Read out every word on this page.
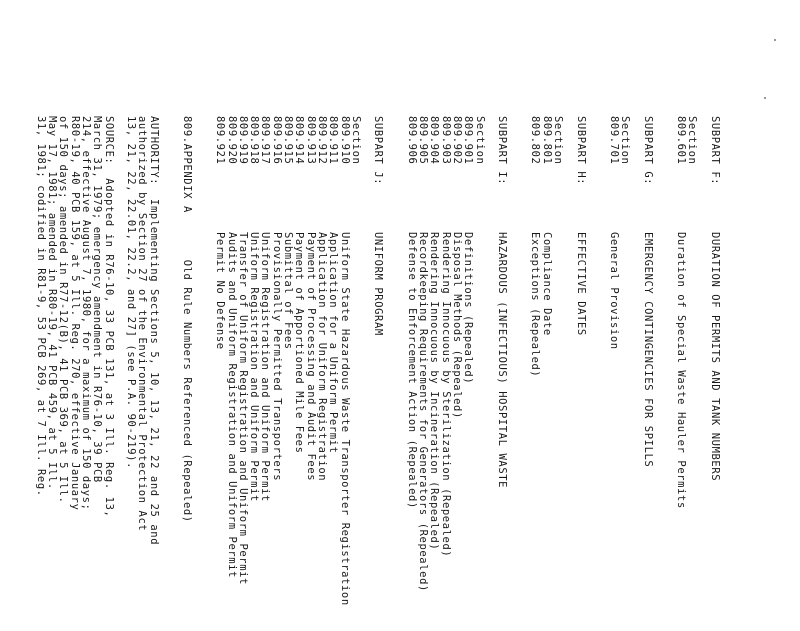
SUBPART F:DURATION OF PERMITS AND TANK NUMBERS
Section
809.601
Duration of Special Waste Hauler Permits
SUBPART G:EMERGENCY CONTINGENCIES FOR SPILLS
Section
809.701
General Provision
SUBPART H:EFFECTIVE DATES
Section
809.801
Compliance Date
809.802
Exceptions (Repealed)
SUBPART I:HAZARDOUS (INFECTIOUS) HOSPITAL WASTE
Section
809.901
Definitions (Repealed)
809.902
Disposal Methods (Repealed)
809.903
Rendering Innocuous by Sterilization (Repealed)
809.904
Rendering Innocuous by Incineration (Repealed)
809.905
Recordkeeping Requirements for Generators (Repealed)
809.906
Defense to Enforcement Action (Repealed)
SUBPART J:UNIFORM PROGRAM
Section
809.910
Uniform State Hazardous Waste Transporter Registration
809.911
Application for a Uniform Permit
809.912
Application for Uniform Registration
809.913
Payment of Processing and Audit Fees
809.914
Payment of Apportioned Mile Fees
809.915
Submittal of Fees
809.916
Provisionally Permitted Transporters
809.917
Uniform Registration and Uniform Permit
809.918
Uniform Registration and Uniform Permit
809.919
Transfer of Uniform Registration and Uniform Permit
809.920
Audits and Uniform Registration and Uniform Permit
809.921
Permit No Defense
809.APPENDIX A

Old Rule Numbers Referenced (Repealed)
AUTHORITY:  Implementing Sections 5, 10, 13, 21, 22 and 25 and
authorized by Section 27 of the Environmental Protection Act
13, 21, 22, 22.01, 22.2, and 27] (see P.A. 90-219).
SOURCE:  Adopted in R76-10, 33 PCB 131, at 3 Ill. Reg. 13,
March 31, 1979; emergency amendment in R76-10, 39 PCB
214, effective August 7, 1980, for a maximum of 150 days;
R80-19, 40 PCB 159, at 5 Ill. Reg. 270, effective January
of 150 days; amended in R77-12(B), 41 PCB 369, at 5 Ill.
May 17, 1981; amended in R80-19, 41 PCB 459, at 5 Ill.
31, 1981; codified in R81-9, 53 PCB 269, at 7 Ill. Reg.
